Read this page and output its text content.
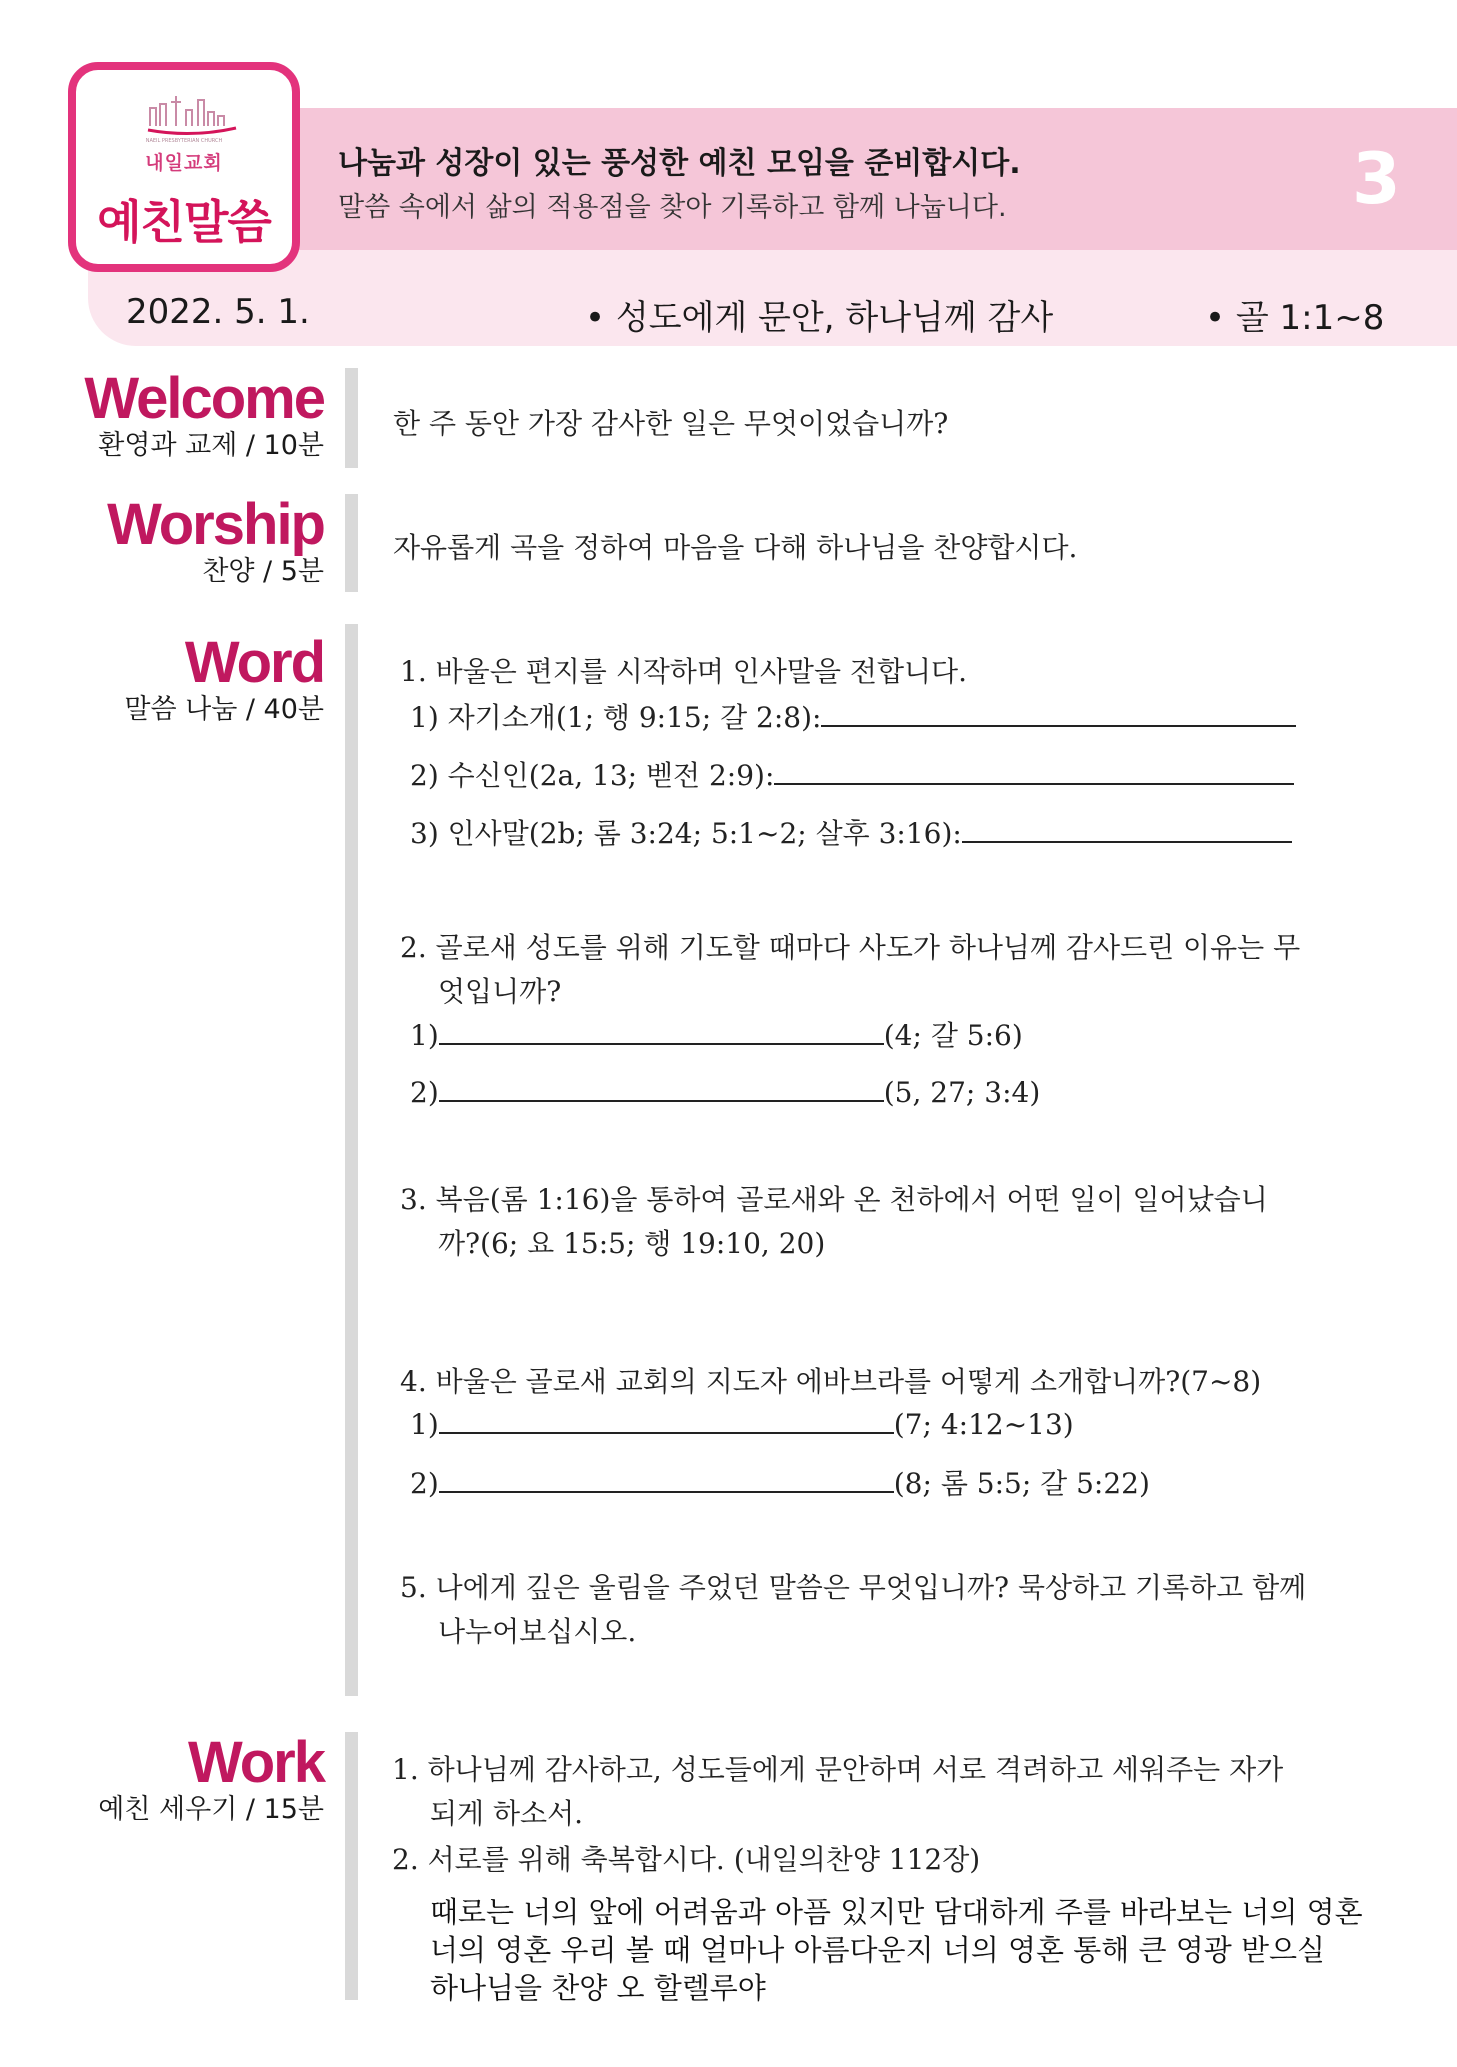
NAEIL PRESBYTERIAN CHURCH
내일교회
예친말씀
나눔과 성장이 있는 풍성한 예친 모임을 준비합시다.
말씀 속에서 삶의 적용점을 찾아 기록하고 함께 나눕니다.	3
2022. 5. 1.	• 성도에게 문안, 하나님께 감사	• 골 1:1~8
Welcome
환영과 교제 / 10분
한 주 동안 가장 감사한 일은 무엇이었습니까?
Worship
찬양 / 5분
자유롭게 곡을 정하여 마음을 다해 하나님을 찬양합시다.
Word
말씀 나눔 / 40분
1. 바울은 편지를 시작하며 인사말을 전합니다.
1) 자기소개(1; 행 9:15; 갈 2:8):
2) 수신인(2a, 13; 벧전 2:9):
3) 인사말(2b; 롬 3:24; 5:1~2; 살후 3:16):
2. 골로새 성도를 위해 기도할 때마다 사도가 하나님께 감사드린 이유는 무
엇입니까?
1)	(4; 갈 5:6)
2)	(5, 27; 3:4)
3. 복음(롬 1:16)을 통하여 골로새와 온 천하에서 어떤 일이 일어났습니
까?(6; 요 15:5; 행 19:10, 20)
4. 바울은 골로새 교회의 지도자 에바브라를 어떻게 소개합니까?(7~8)
1)	(7; 4:12~13)
2)	(8; 롬 5:5; 갈 5:22)
5. 나에게 깊은 울림을 주었던 말씀은 무엇입니까? 묵상하고 기록하고 함께
나누어보십시오.
Work
예친 세우기 / 15분
1. 하나님께 감사하고, 성도들에게 문안하며 서로 격려하고 세워주는 자가
되게 하소서.
2. 서로를 위해 축복합시다. (내일의찬양 112장)
때로는 너의 앞에 어려움과 아픔 있지만 담대하게 주를 바라보는 너의 영혼
너의 영혼 우리 볼 때 얼마나 아름다운지 너의 영혼 통해 큰 영광 받으실
하나님을 찬양 오 할렐루야
